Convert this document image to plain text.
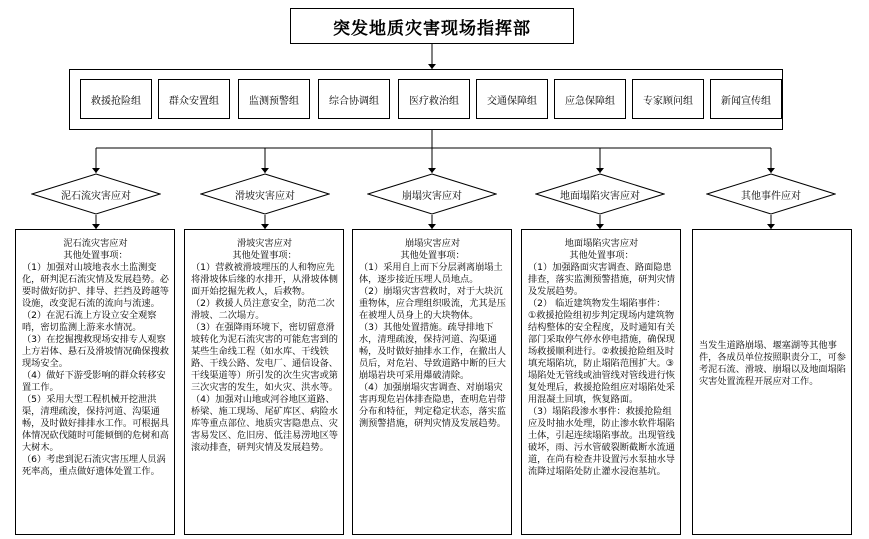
突发地质灾害现场指挥部
救援抢险组	群众安置组	监测预警组	综合协调组	医疗救治组	交通保障组	应急保障组	专家顾问组	新闻宣传组
泥石流灾害应对	滑坡灾害应对	崩塌灾害应对	地面塌陷灾害应对	其他事件应对
泥石流灾害应对
其他处置事项：

（1）加强对山坡地表水土监测变化，研判泥石流灾情及发展趋势。必要时做好防护、排导、拦挡及跨越等设施，改变泥石流的流向与流速。

（2）在泥石流上方设立安全观察哨，密切监测上游来水情况。

（3）在挖掘搜救现场安排专人观察上方岩体、悬石及滑坡情况确保搜救现场安全。

（4）做好下游受影响的群众转移安置工作。

（5）采用大型工程机械开挖泄洪渠，清理疏浚，保持河道、沟渠通畅，及时做好排排水工作。可根据具体情况砍伐随时可能倾倒的危树和高大树木。

（6）考虑到泥石流灾害压埋人员涡死率高，重点做好遗体处置工作。

滑坡灾害应对
其他处置事项：

（1）营救被滑坡埋压的人和物应先将滑坡体后缘的水排开，从滑坡体侧面开始挖掘先救人，后救物。

（2）救援人员注意安全，防范二次滑坡、二次塌方。

（3）在强降雨环境下，密切留意滑坡转化为泥石流灾害的可能危害到的某些生命线工程（如水库、干线铁路、干线公路、发电厂、通信设备、干线渠道等）所引发的次生灾害或第三次灾害的发生，如火灾、洪水等。

（4）加强对山地或河谷地区道路、桥梁、施工现场、尾矿库区、病险水库等重点部位、地质灾害隐患点、灾害易发区、危旧房、低洼易涝地区等滚动排查，研判灾情及发展趋势。

崩塌灾害应对
其他处置事项：

（1）采用自上而下分层剥离崩塌土体，逐步接近压埋人员地点。

（2）崩塌灾害营救时，对于大块沉重物体，应合理组织吸流，尤其是压在被埋人员身上的大块物体。

（3）其他处置措施。疏导排地下水，清理疏浚，保持河道、沟渠通畅，及时做好抽排水工作，在撤出人员后，对危岩、导致道路中断的巨大崩塌岩块可采用爆破清除。

（4）加强崩塌灾害调查、对崩塌灾害再现危岩体排查隐患，查明危岩带分布和特征，判定稳定状态，落实监测预警措施，研判灾情及发展趋势。

地面塌陷灾害应对
其他处置事项：

（1）加强路面灾害调查、路面隐患排查，落实监测预警措施，研判灾情及发展趋势。

（2） 临近建筑物发生塌陷事件：

①救援抢险组初步判定现场内建筑物结构整体的安全程度，及时通知有关部门采取停气停水停电措施，确保现场救援顺利进行。②救援抢险组及时填充塌陷坑，防止塌陷范围扩大。③塌陷处无管线或油管线对管线进行恢复处理后，救援抢险组应对塌陷处采用混凝土回填，恢复路面。

（3）塌陷段渗水事件：救援抢险组应及时抽水处理，防止渗水软件塌陷土体，引起连续塌陷事故。出现管线破坏，雨、污水管破裂断截断水流通道，在尚有检查井设置污水泵抽水导流降过塌陷处防止灌水浸泡基坑。

当发生道路崩塌、堰塞湖等其他事件，各成员单位按照职责分工，可参考泥石流、滑坡、崩塌以及地面塌陷灾害处置流程开展应对工作。
